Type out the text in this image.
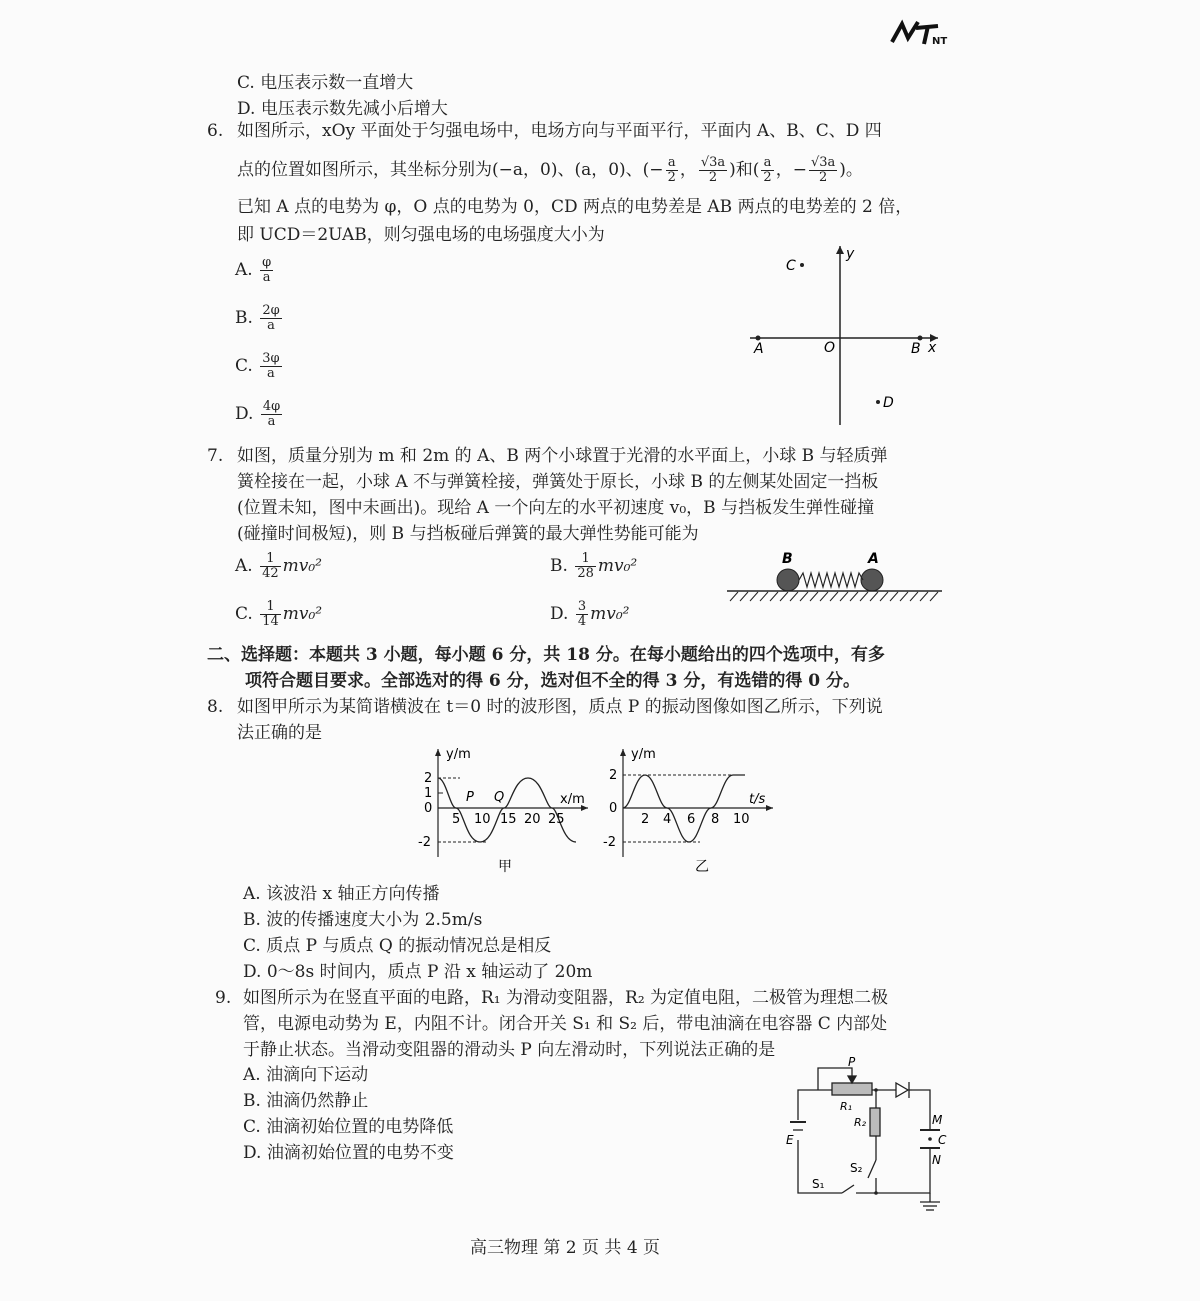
NT
C. 电压表示数一直增大
D. 电压表示数先减小后增大
6. 如图所示，xOy 平面处于匀强电场中，电场方向与平面平行，平面内 A、B、C、D 四
点的位置如图所示，其坐标分别为(−a，0)、(a，0)、(− $\frac{a}{2}$ ， $\frac{√3a}{2}$ )和( $\frac{a}{2}$ ，− $\frac{√3a}{2}$ )。
已知 A 点的电势为 φ，O 点的电势为 0，CD 两点的电势差是 AB 两点的电势差的 2 倍，
即 UCD＝2UAB，则匀强电场的电场强度大小为
A. $\frac{\varphi}{a}$
B. $\frac{2\varphi}{a}$
C. $\frac{3\varphi}{a}$
D. $\frac{4\varphi}{a}$
y
x
A	O	B
C
D
7. 如图，质量分别为 m 和 2m 的 A、B 两个小球置于光滑的水平面上，小球 B 与轻质弹
簧栓接在一起，小球 A 不与弹簧栓接，弹簧处于原长，小球 B 的左侧某处固定一挡板
(位置未知，图中未画出)。现给 A 一个向左的水平初速度 v₀，B 与挡板发生弹性碰撞
(碰撞时间极短)，则 B 与挡板碰后弹簧的最大弹性势能可能为
A. $\frac{1}{42} mv_0^2$	B. $\frac{1}{28} mv_0^2$
C. $\frac{1}{14} mv_0^2$	D. $\frac{3}{4} mv_0^2$
B	A
二、选择题：本题共 3 小题，每小题 6 分，共 18 分。在每小题给出的四个选项中，有多
项符合题目要求。全部选对的得 6 分，选对但不全的得 3 分，有选错的得 0 分。
8. 如图甲所示为某简谐横波在 t＝0 时的波形图，质点 P 的振动图像如图乙所示，下列说
法正确的是
P Q
y/m
x/m
2
1
0
-2
5 10 15 20 25
甲
y/m
t/s
2
0
-2
2 4 6 8 10
乙
A. 该波沿 x 轴正方向传播
B. 波的传播速度大小为 2.5m/s
C. 质点 P 与质点 Q 的振动情况总是相反
D. 0～8s 时间内，质点 P 沿 x 轴运动了 20m
9. 如图所示为在竖直平面的电路，R₁ 为滑动变阻器，R₂ 为定值电阻，二极管为理想二极
管，电源电动势为 E，内阻不计。闭合开关 S₁ 和 S₂ 后，带电油滴在电容器 C 内部处
于静止状态。当滑动变阻器的滑动头 P 向左滑动时，下列说法正确的是
A. 油滴向下运动
B. 油滴仍然静止
C. 油滴初始位置的电势降低
D. 油滴初始位置的电势不变
P
R₁
R₂
E
M
C
N
S₂
S₁
高三物理 第 2 页 共 4 页
